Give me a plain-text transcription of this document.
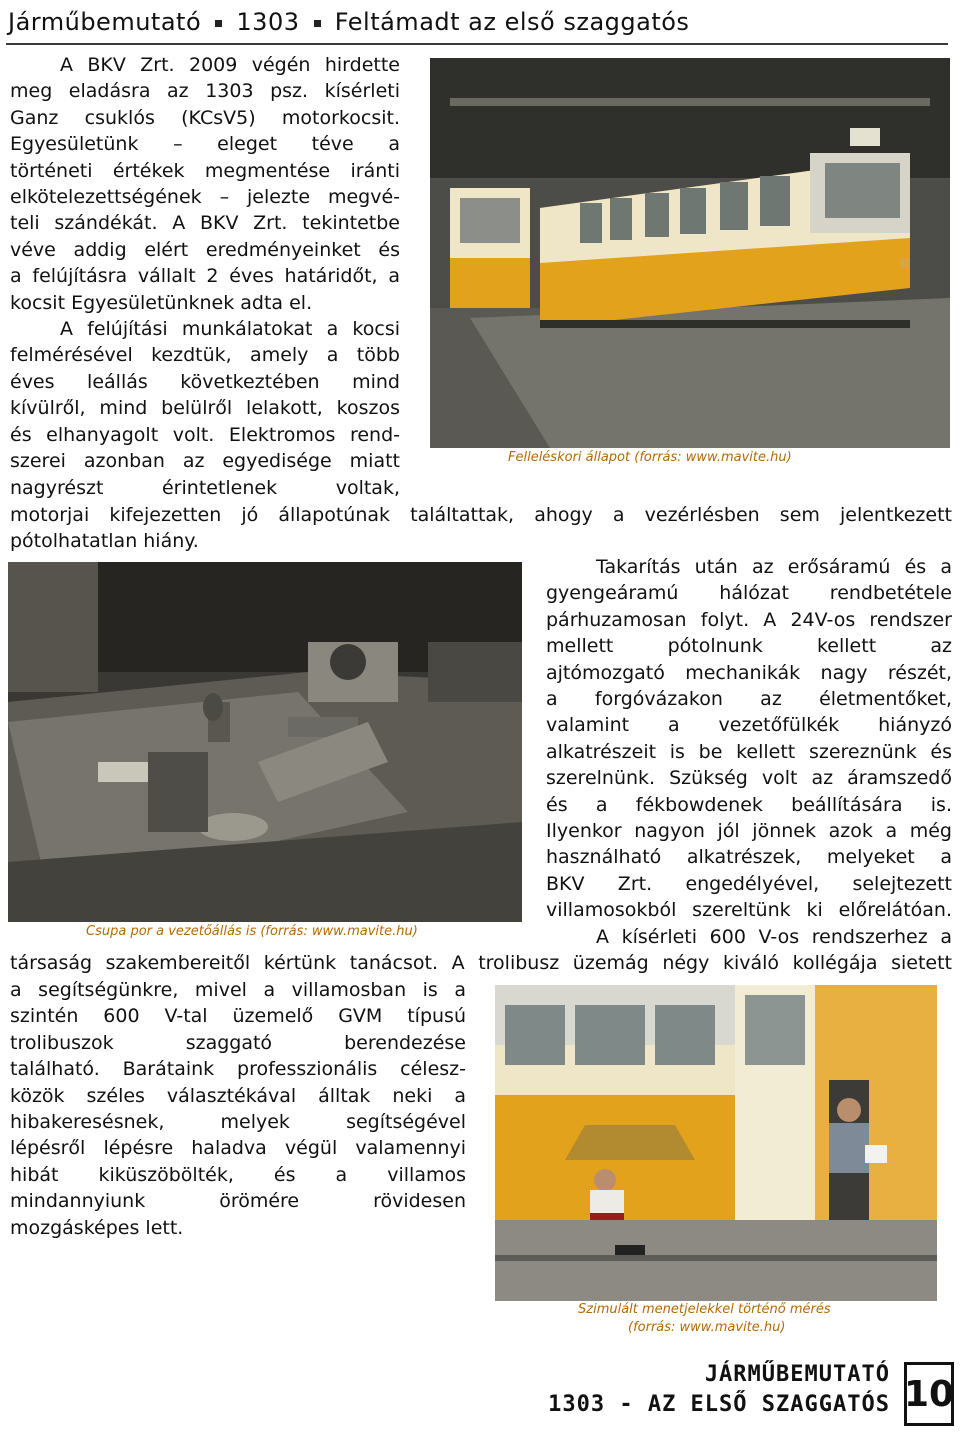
Járműbemutató 1303 Feltámadt az első szaggatós
A BKV Zrt. 2009 végén hirdette
meg eladásra az 1303 psz. kísérleti
Ganz csuklós (KCsV5) motorkocsit.
Egyesületünk – eleget téve a
történeti értékek megmentése iránti
elkötelezettségének – jelezte megvé-
teli szándékát. A BKV Zrt. tekintetbe
véve addig elért eredményeinket és
a felújításra vállalt 2 éves határidőt, a
kocsit Egyesületünknek adta el.
A felújítási munkálatokat a kocsi
felmérésével kezdtük, amely a több
éves leállás következtében mind
kívülről, mind belülről lelakott, koszos
és elhanyagolt volt. Elektromos rend-
szerei azonban az egyedisége miatt
nagyrészt érintetlenek voltak,
Felleléskori állapot (forrás: www.mavite.hu)
motorjai kifejezetten jó állapotúnak találtattak, ahogy a vezérlésben sem jelentkezett
pótolhatatlan hiány.
Csupa por a vezetőállás is (forrás: www.mavite.hu)
Takarítás után az erősáramú és a
gyengeáramú hálózat rendbetétele
párhuzamosan folyt. A 24V-os rendszer
mellett pótolnunk kellett az
ajtómozgató mechanikák nagy részét,
a forgóvázakon az életmentőket,
valamint a vezetőfülkék hiányzó
alkatrészeit is be kellett szereznünk és
szerelnünk. Szükség volt az áramszedő
és a fékbowdenek beállítására is.
Ilyenkor nagyon jól jönnek azok a még
használható alkatrészek, melyeket a
BKV Zrt. engedélyével, selejtezett
villamosokból szereltünk ki előrelátóan.
A kísérleti 600 V-os rendszerhez a
társaság szakembereitől kértünk tanácsot. A trolibusz üzemág négy kiváló kollégája sietett
a segítségünkre, mivel a villamosban is a
szintén 600 V-tal üzemelő GVM típusú
trolibuszok szaggató berendezése
található. Barátaink professzionális célesz-
közök széles választékával álltak neki a
hibakeresésnek, melyek segítségével
lépésről lépésre haladva végül valamennyi
hibát kiküszöbölték, és a villamos
mindannyiunk örömére rövidesen
mozgásképes lett.
Szimulált menetjelekkel történő mérés
(forrás: www.mavite.hu)
JÁRMŰBEMUTATÓ
1303 - AZ ELSŐ SZAGGATÓS 10
